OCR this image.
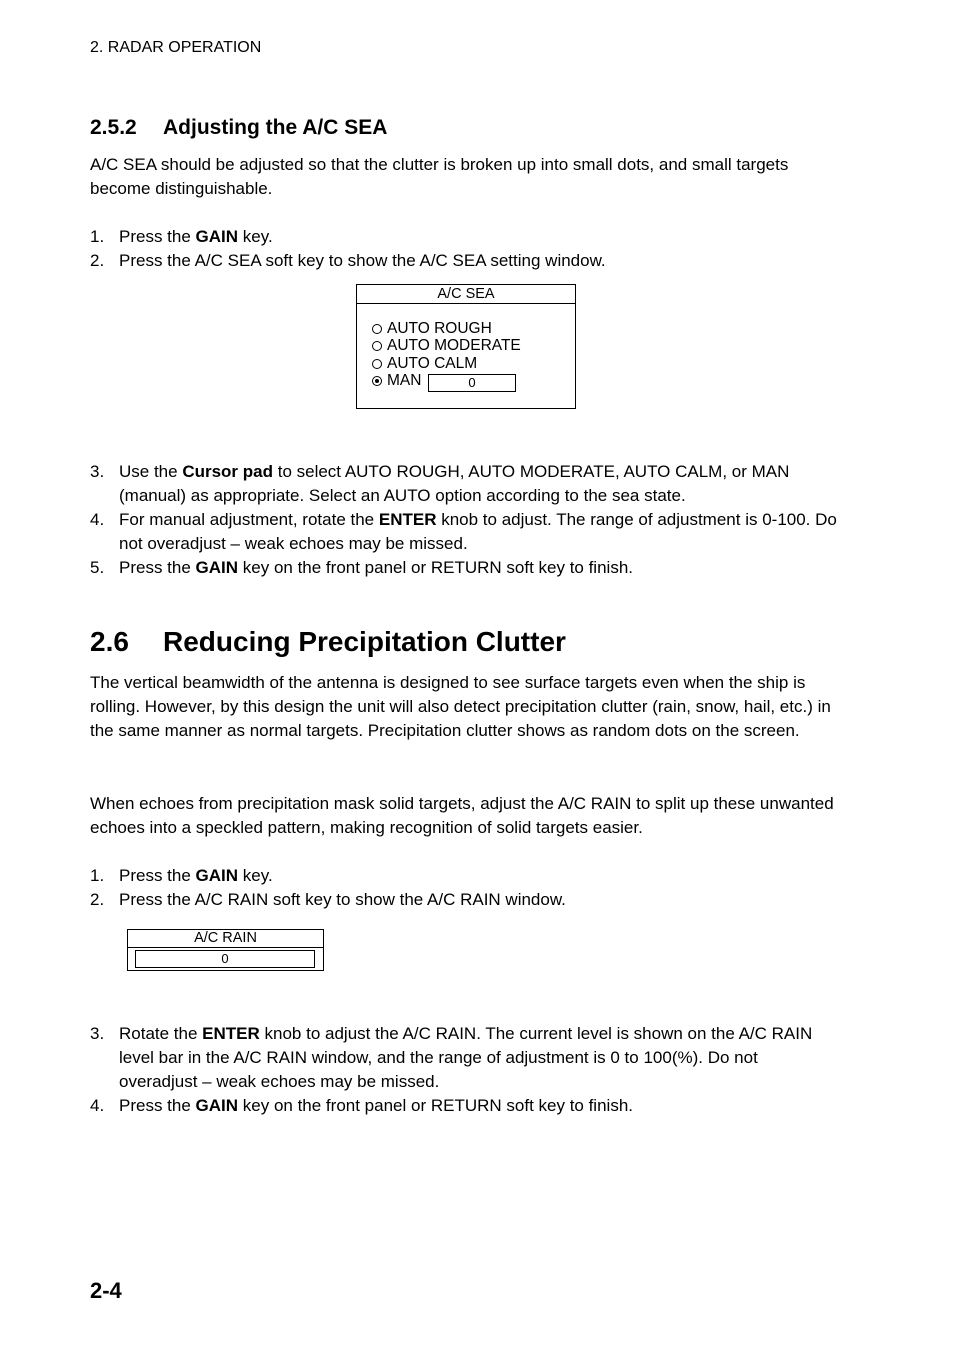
2. RADAR OPERATION
2.5.2 Adjusting the A/C SEA
A/C SEA should be adjusted so that the clutter is broken up into small dots, and small targets become distinguishable.
1. Press the GAIN key.
2. Press the A/C SEA soft key to show the A/C SEA setting window.
A/C SEA
AUTO ROUGH
AUTO MODERATE
AUTO CALM
MAN	0
3. Use the Cursor pad to select AUTO ROUGH, AUTO MODERATE, AUTO CALM, or MAN (manual) as appropriate. Select an AUTO option according to the sea state.
4. For manual adjustment, rotate the ENTER knob to adjust. The range of adjustment is 0-100. Do not overadjust – weak echoes may be missed.
5. Press the GAIN key on the front panel or RETURN soft key to finish.
2.6 Reducing Precipitation Clutter
The vertical beamwidth of the antenna is designed to see surface targets even when the ship is rolling. However, by this design the unit will also detect precipitation clutter (rain, snow, hail, etc.) in the same manner as normal targets. Precipitation clutter shows as random dots on the screen.
When echoes from precipitation mask solid targets, adjust the A/C RAIN to split up these unwanted echoes into a speckled pattern, making recognition of solid targets easier.
1. Press the GAIN key.
2. Press the A/C RAIN soft key to show the A/C RAIN window.
A/C RAIN
0
3. Rotate the ENTER knob to adjust the A/C RAIN. The current level is shown on the A/C RAIN level bar in the A/C RAIN window, and the range of adjustment is 0 to 100(%). Do not overadjust – weak echoes may be missed.
4. Press the GAIN key on the front panel or RETURN soft key to finish.
2-4
